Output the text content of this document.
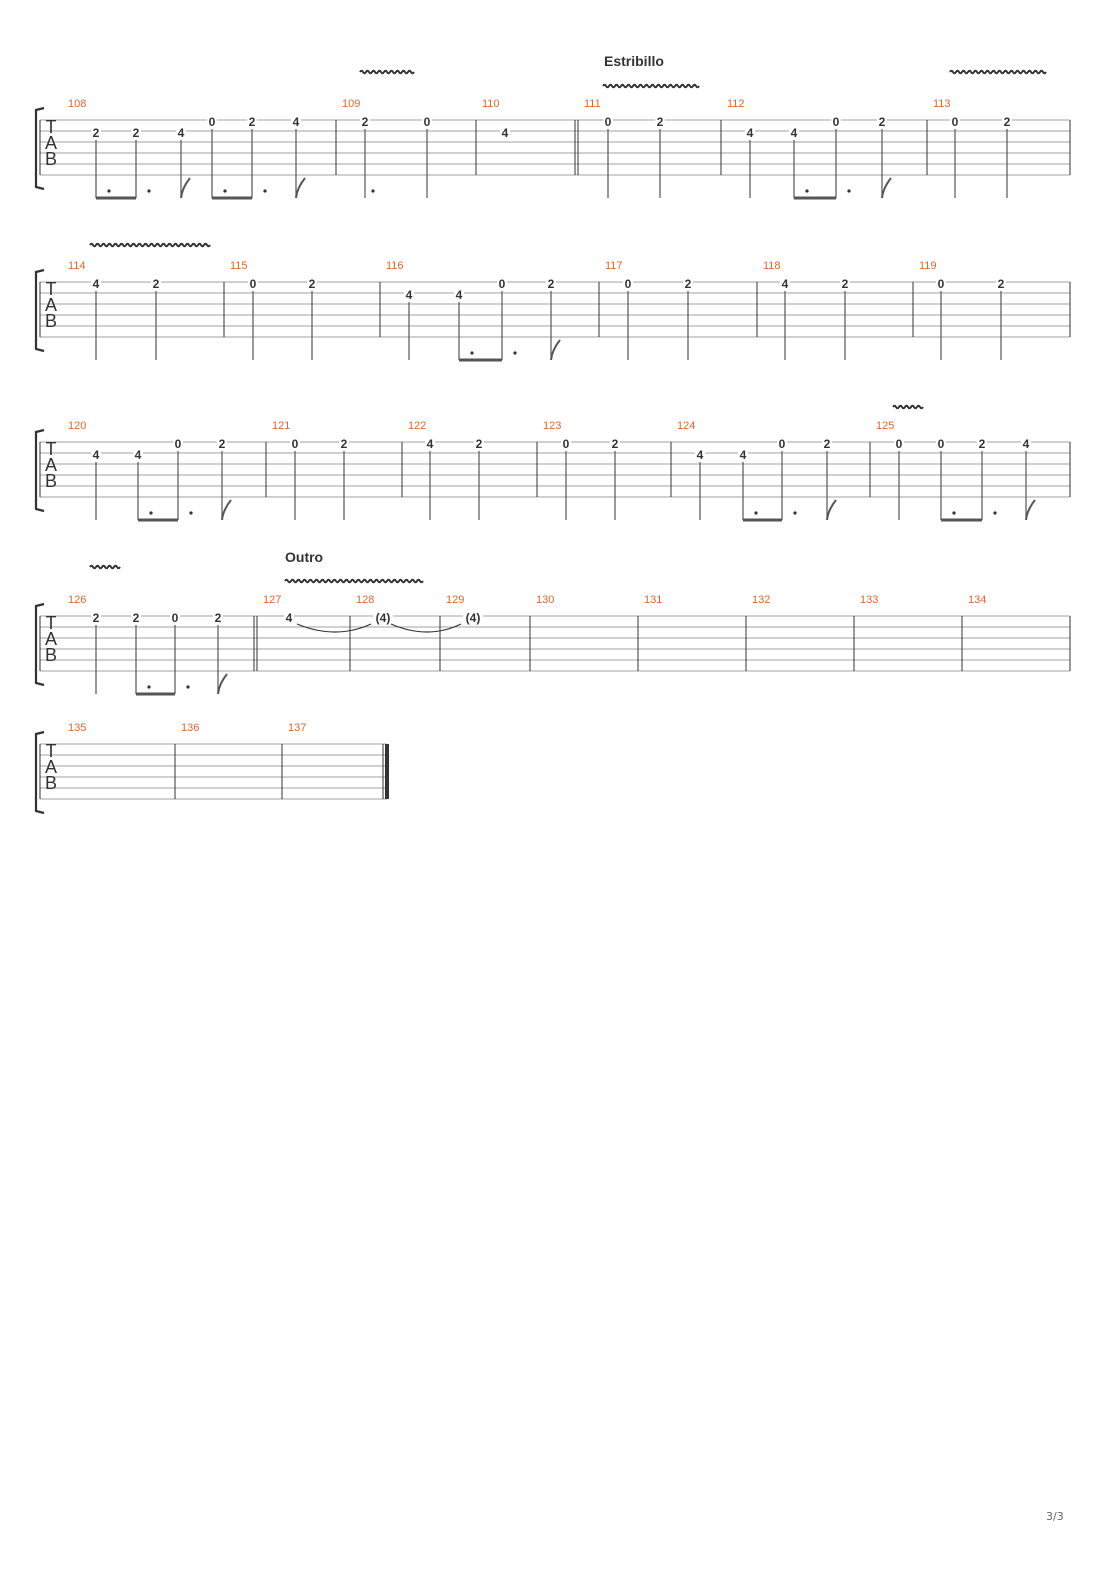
Estribillo
Outro
T
A
B
108
2	2	4
0	2	4
109
2	0
110
4
111
0	2
112
4	4
0	2
113
0	2
T
A
B
114
4	2
115
0	2
116
4	4
0	2
117
0	2
118
4	2
119
0	2
T
A
B
120
4	4
0	2
121
0	2
122
4	2
123
0	2
124
4	4
0	2
125
0	0	2	4
T
A
B
126
2	2	0	2
127
4
128
(4)
129
(4)
130	131	132	133	134
T
A
B
135	136	137
3/3
